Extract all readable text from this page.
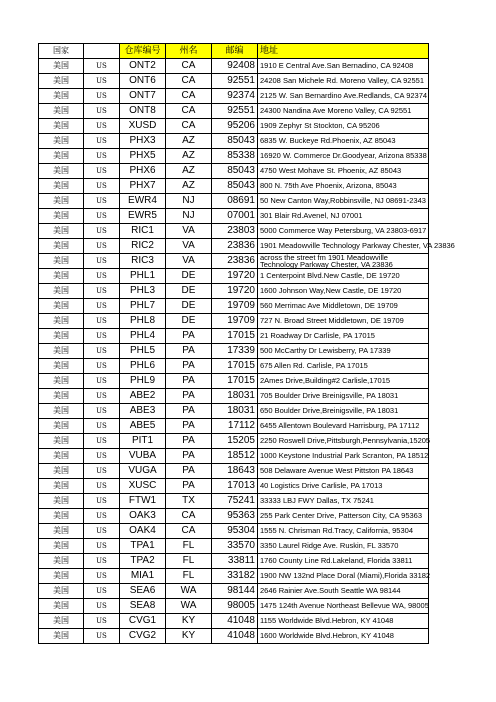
国家		仓库编号	州名	邮编	地址
美国	US	ONT2	CA	92408	1910 E Central Ave.San Bernadino, CA 92408
美国	US	ONT6	CA	92551	24208 San Michele Rd. Moreno Valley, CA 92551
美国	US	ONT7	CA	92374	2125 W. San Bernardino Ave.Redlands, CA 92374
美国	US	ONT8	CA	92551	24300 Nandina Ave Moreno Valley, CA 92551
美国	US	XUSD	CA	95206	1909 Zephyr St Stockton, CA 95206
美国	US	PHX3	AZ	85043	6835 W. Buckeye Rd.Phoenix, AZ 85043
美国	US	PHX5	AZ	85338	16920 W. Commerce Dr.Goodyear, Arizona 85338
美国	US	PHX6	AZ	85043	4750 West Mohave St. Phoenix, AZ 85043
美国	US	PHX7	AZ	85043	800 N. 75th Ave Phoenix, Arizona, 85043
美国	US	EWR4	NJ	08691	50 New Canton Way,Robbinsville, NJ 08691-2343
美国	US	EWR5	NJ	07001	301 Blair Rd.Avenel, NJ 07001
美国	US	RIC1	VA	23803	5000 Commerce Way Petersburg, VA 23803-6917
美国	US	RIC2	VA	23836	1901 Meadowville Technology Parkway Chester, VA 23836
美国	US	RIC3	VA	23836	across the street fm 1901 Meadowville Technology Parkway Chester, VA 23836
美国	US	PHL1	DE	19720	1 Centerpoint Blvd.New Castle, DE 19720
美国	US	PHL3	DE	19720	1600 Johnson Way,New Castle, DE 19720
美国	US	PHL7	DE	19709	560 Merrimac Ave Middletown, DE 19709
美国	US	PHL8	DE	19709	727 N. Broad Street Middletown, DE 19709
美国	US	PHL4	PA	17015	21 Roadway Dr Carlisle, PA 17015
美国	US	PHL5	PA	17339	500 McCarthy Dr Lewisberry, PA 17339
美国	US	PHL6	PA	17015	675 Allen Rd. Carlisle, PA 17015
美国	US	PHL9	PA	17015	2Ames Drive,Building#2 Carlisle,17015
美国	US	ABE2	PA	18031	705 Boulder Drive Breinigsville, PA 18031
美国	US	ABE3	PA	18031	650 Boulder Drive,Breinigsville, PA 18031
美国	US	ABE5	PA	17112	6455 Allentown Boulevard Harrisburg, PA 17112
美国	US	PIT1	PA	15205	2250 Roswell Drive,Pittsburgh,Pennsylvania,15205
美国	US	VUBA	PA	18512	1000 Keystone Industrial Park Scranton, PA 18512
美国	US	VUGA	PA	18643	508 Delaware Avenue West Pittston PA 18643
美国	US	XUSC	PA	17013	40 Logistics Drive Carlisle, PA 17013
美国	US	FTW1	TX	75241	33333 LBJ FWY Dallas, TX 75241
美国	US	OAK3	CA	95363	255 Park Center Drive, Patterson City, CA 95363
美国	US	OAK4	CA	95304	1555 N. Chrisman Rd.Tracy, California, 95304
美国	US	TPA1	FL	33570	3350 Laurel Ridge Ave. Ruskin, FL 33570
美国	US	TPA2	FL	33811	1760 County Line Rd.Lakeland, Florida 33811
美国	US	MIA1	FL	33182	1900 NW 132nd Place Doral (Miami),Florida 33182
美国	US	SEA6	WA	98144	2646 Rainier Ave.South Seattle WA 98144
美国	US	SEA8	WA	98005	1475 124th Avenue Northeast Bellevue WA, 98005
美国	US	CVG1	KY	41048	1155 Worldwide Blvd.Hebron, KY 41048
美国	US	CVG2	KY	41048	1600 Worldwide Blvd.Hebron, KY 41048
